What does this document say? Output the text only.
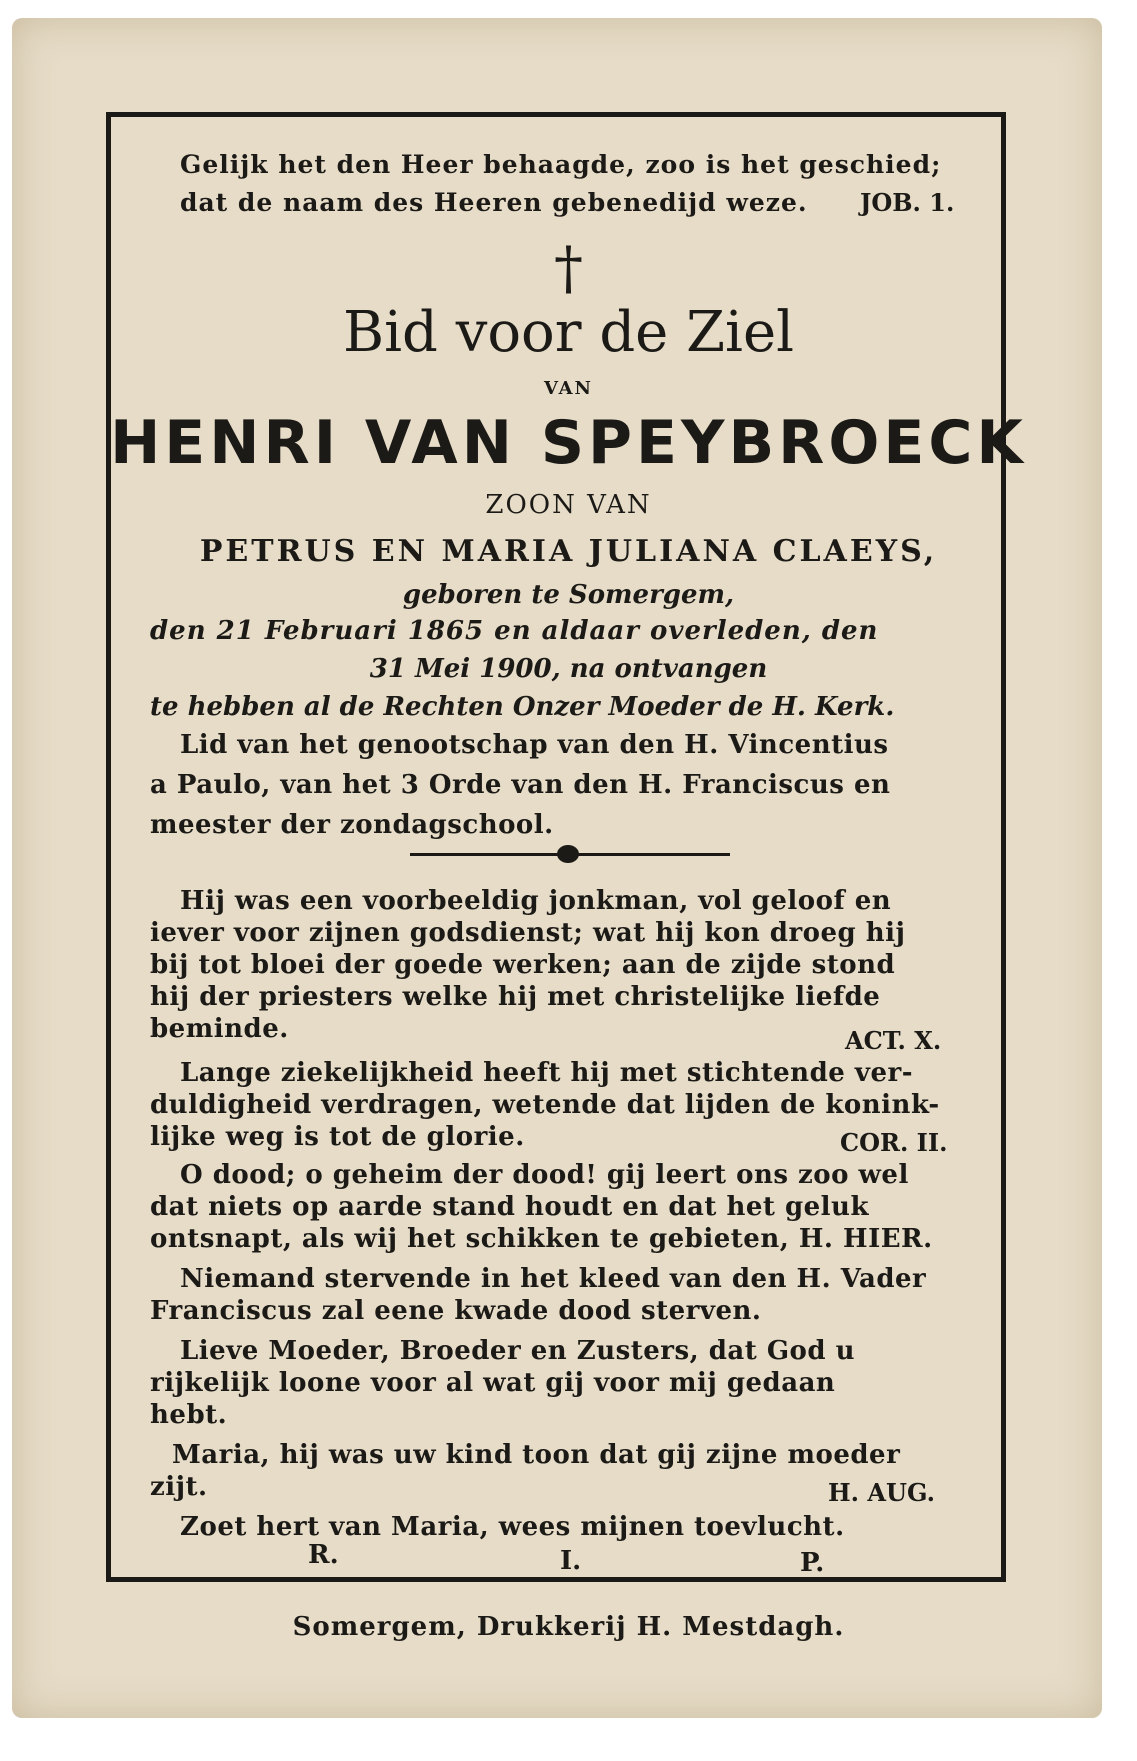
Gelijk het den Heer behaagde, zoo is het geschied;
dat de naam des Heeren gebenedijd weze. JOB. 1.
†
Bid voor de Ziel
VAN
HENRI VAN SPEYBROECK
ZOON VAN
PETRUS EN MARIA JULIANA CLAEYS,
geboren te Somergem,
den 21 Februari 1865 en aldaar overleden, den
31 Mei 1900, na ontvangen
te hebben al de Rechten Onzer Moeder de H. Kerk.
Lid van het genootschap van den H. Vincentius
a Paulo, van het 3 Orde van den H. Franciscus en
meester der zondagschool.
Hij was een voorbeeldig jonkman, vol geloof en
iever voor zijnen godsdienst; wat hij kon droeg hij
bij tot bloei der goede werken; aan de zijde stond
hij der priesters welke hij met christelijke liefde
beminde.	ACT. X.
Lange ziekelijkheid heeft hij met stichtende ver-
duldigheid verdragen, wetende dat lijden de konink-
lijke weg is tot de glorie.	COR. II.
O dood; o geheim der dood! gij leert ons zoo wel
dat niets op aarde stand houdt en dat het geluk
ontsnapt, als wij het schikken te gebieten, H. HIER.
Niemand stervende in het kleed van den H. Vader
Franciscus zal eene kwade dood sterven.
Lieve Moeder, Broeder en Zusters, dat God u
rijkelijk loone voor al wat gij voor mij gedaan
hebt.
Maria, hij was uw kind toon dat gij zijne moeder
zijt.	H. AUG.
Zoet hert van Maria, wees mijnen toevlucht.
R.	I.	P.
Somergem, Drukkerij H. Mestdagh.
